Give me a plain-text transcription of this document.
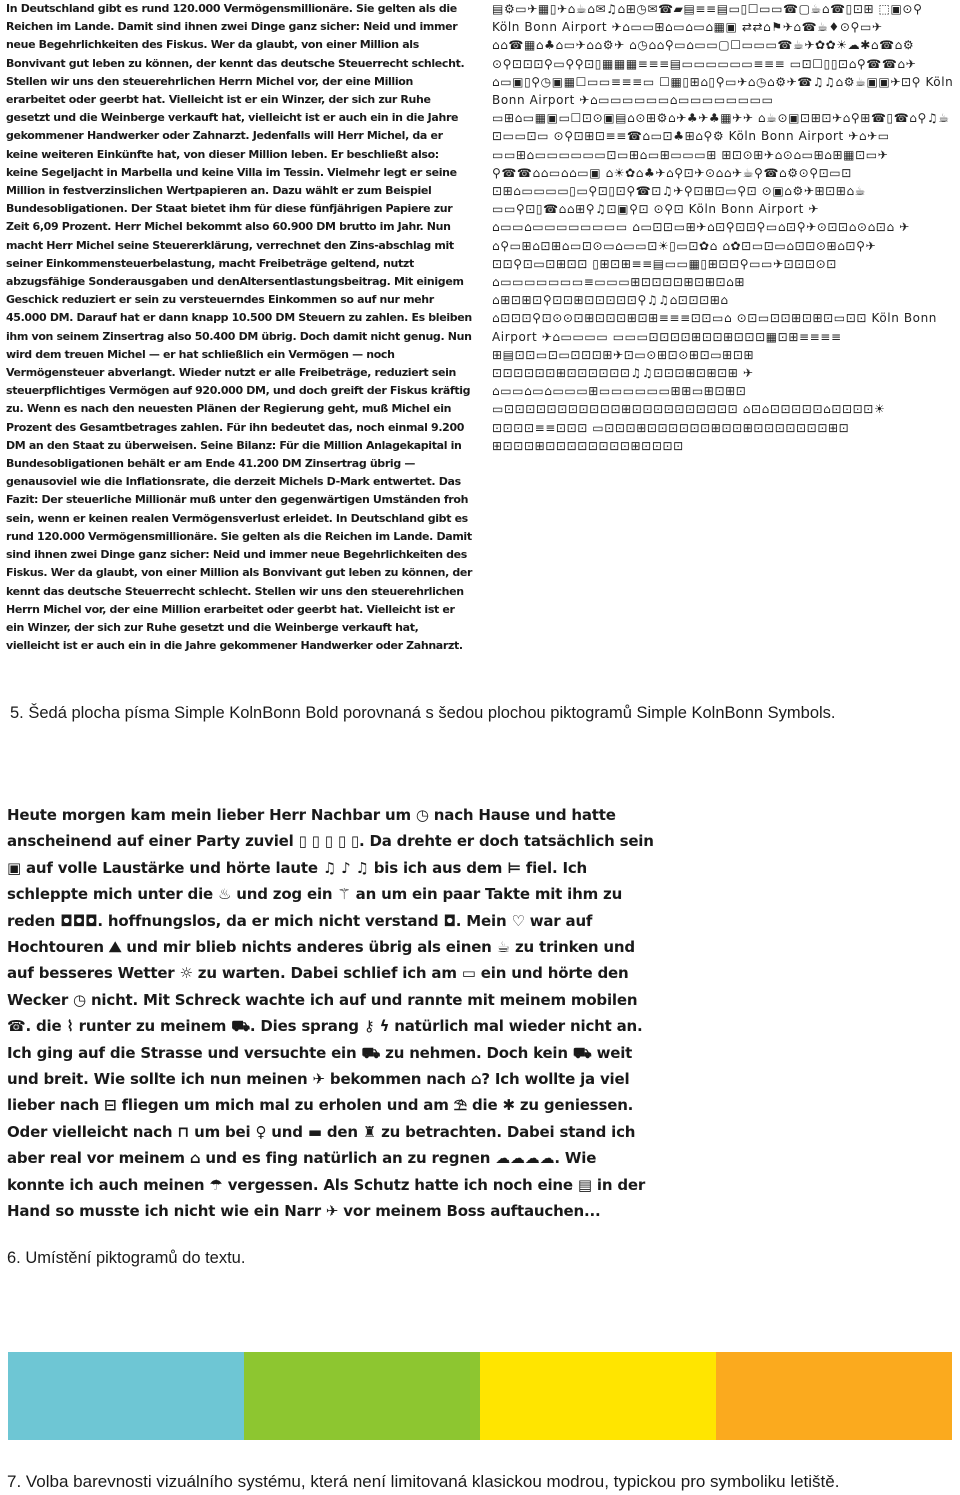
In Deutschland gibt es rund 120.000 Vermögensmillionäre. Sie gelten als die Reichen im Lande. Damit sind ihnen zwei Dinge ganz sicher: Neid und immer neue Begehrlichkeiten des Fiskus. Wer da glaubt, von einer Million als Bonvivant gut leben zu können, der kennt das deutsche Steuerrecht schlecht. Stellen wir uns den steuerehrlichen Herrn Michel vor, der eine Million erarbeitet oder geerbt hat. Vielleicht ist er ein Winzer, der sich zur Ruhe gesetzt und die Weinberge verkauft hat, vielleicht ist er auch ein in die Jahre gekommener Handwerker oder Zahnarzt. Jedenfalls will Herr Michel, da er keine weiteren Einkünfte hat, von dieser Million leben. Er beschließt also: keine Segeljacht in Marbella und keine Villa im Tessin. Vielmehr legt er seine Million in festverzinslichen Wertpapieren an. Dazu wählt er zum Beispiel Bundesobligationen. Der Staat bietet ihm für diese fünfjährigen Papiere zur Zeit 6,09 Prozent. Herr Michel bekommt also 60.900 DM brutto im Jahr. Nun macht Herr Michel seine Steuererklärung, verrechnet den Zins-abschlag mit seiner Einkommensteuerbelastung, macht Freibeträge geltend, nutzt abzugsfähige Sonderausgaben und denAltersentlastungsbeitrag. Mit einigem Geschick reduziert er sein zu versteuerndes Einkommen so auf nur mehr 45.000 DM. Darauf hat er dann knapp 10.500 DM Steuern zu zahlen. Es bleiben ihm von seinem Zinsertrag also 50.400 DM übrig. Doch damit nicht genug. Nun wird dem treuen Michel — er hat schließlich ein Vermögen — noch Vermögensteuer abverlangt. Wieder nutzt er alle Freibeträge, reduziert sein steuerpflichtiges Vermögen auf 920.000 DM, und doch greift der Fiskus kräftig zu. Wenn es nach den neuesten Plänen der Regierung geht, muß Michel ein Prozent des Gesamtbetrages zahlen. Für ihn bedeutet das, noch einmal 9.200 DM an den Staat zu überweisen. Seine Bilanz: Für die Million Anlagekapital in Bundesobligationen behält er am Ende 41.200 DM Zinsertrag übrig — genausoviel wie die Inflationsrate, die derzeit Michels D-Mark entwertet. Das Fazit: Der steuerliche Millionär muß unter den gegenwärtigen Umständen froh sein, wenn er keinen realen Vermögensverlust erleidet. In Deutschland gibt es rund 120.000 Vermögensmillionäre. Sie gelten als die Reichen im Lande. Damit sind ihnen zwei Dinge ganz sicher: Neid und immer neue Begehrlichkeiten des Fiskus. Wer da glaubt, von einer Million als Bonvivant gut leben zu können, der kennt das deutsche Steuerrecht schlecht. Stellen wir uns den steuerehrlichen Herrn Michel vor, der eine Million erarbeitet oder geerbt hat. Vielleicht ist er ein Winzer, der sich zur Ruhe gesetzt und die Weinberge verkauft hat, vielleicht ist er auch ein in die Jahre gekommener Handwerker oder Zahnarzt.
▤⚙▭✈▦▯✈⌂☕⌂✉♫⌂⊞◷✉☎▰▤≡≡▤▭▯☐▭▭☎▢☕⌂☎▯⊡⊞ ⬚▣⊙⚲ Köln Bonn Airport ✈⌂▭▭⊞⌂▭⌂▭⌂▦▣ ⇄⇄⌂⚑✈⌂☎☕♦⊙⚲▭✈⌂⌂☎▦⌂♣⌂▭✈⌂⌂⚙✈ ⌂◷⌂⌂⚲▭⌂▭▭▢☐▭▭▭☎☕✈✿✿☀☁✱⌂☎⌂⚙ ⊙⚲⊡⊡⊡⚲▭⚲⚲⊡▯▦▦▦≡≡≡▤▭▭▭▭▭▭≡≡≡ ▭⊡☐▯▯⊡⌂⚲☎☎⌂✈⌂▭▣▯⚲◷▣▦☐▭▭≡≡≡▭ ☐▦▯⊞⌂▯⚲▭✈⌂◷⌂⚙✈☎♫♫⌂⚙☕▣▣✈⊡⚲ Köln Bonn Airport ✈⌂▭▭▭▭▭▭⌂▭▭▭▭▭▭▭▭ ▭⊞⌂▭▦▣▭☐⊡⊙▣▤⌂⊙⊞⚙⌂✈♣✈♣▦✈✈ ⌂☕⊙▣⊡⊞⊡✈⌂⚲⊞☎▯☎⌂⚲♫☕⊡▭▭⊡▭ ⊙⚲⊡⊞⊡≡≡☎⌂▭⊡♣⊞⌂⚲⚙ Köln Bonn Airport ✈⌂✈▭ ▭▭⊞⌂▭▭▭▭▭▭⊡▭⊞⌂▭⊞▭▭▭⊞ ⊞⊡⊙⊞✈⌂⊙⌂▭⊞⌂⊞▦⊡▭✈⚲☎☎⌂⌂▭⌂⌂▭▣ ⌂☀✿⌂♣✈⌂⚲⊡✈⊙⌂⌂✈☕⚲☎⌂⚙⊙⚲⊡▭⊡ ⊡⊞⌂▭▭▭▭▯▭⚲⊡▯⊡⚲☎⊡♫✈⚲⊡⊞⊡▭⚲⊡ ⊙▣⌂⚙✈⊞⊡⊞⌂☕▭▭⚲⊡▯☎⌂⌂⊞⚲♫⊡▣⚲⊡ ⊙⚲⊡ Köln Bonn Airport ✈⌂▭▭⌂▭▭▭▭▭▭▭▭ ⌂▭⊡⊡▭⊞✈⌂⊡⚲⊡⊡⚲▭⌂⊡⚲✈⊙⊡⊡⌂⊙⌂⊡⌂ ✈⌂⚲▭⊞⌂⊡⊞⌂▭⊡⊙▭⌂▭▭⊡☀▯▭⊡✿⌂ ⌂✿⊡▭⊡▭⌂⊡⊡⊙⊞⌂⊡⚲✈⊡⊡⚲⊡▭⊡⊞⊡⊡ ▯⊞⊡⊞≡≡▤▭▭▦▯⊞⊡⊡⚲▭▭✈⊡⊡⊡⊙⊡ ⌂▭▭▭▭▭▭▭≡▭▭▭⊞⊡⊡⊡⊡⊞⊡⊞⊡⌂⊞ ⌂⊞⊡⊞⊡⚲⊡⊡⊞⊡⊡⊡⊡⊡⚲♫♫⌂⊡⊡⊡⊞⌂ ⌂⊡⊡⊡⚲⊡⊙⊙⊡⊞⊡⊡⊡⊞⊡⊞≡≡≡⊡⊡▭⌂ ⊙⊡▭⊡⊡⊞⊡⊞⊡▭⊡⊡ Köln Bonn Airport ✈⌂▭▭▭▭ ▭▭▭⊡⊡⊡⊡⊞⊡⊡⊞⊡⊡⊡▦⊡⊞≡≡≡≡ ⊞▤⊡⊡▭⊡▭⊡⊡⊡⊞✈⊡▭⊙⊞⊡⊙⊞⊡▭⊞⊡⊞ ⊡⊡⊡⊡⊡⊡⊞⊡⊡⊡⊡⊡⊡♫♫⊡⊡⊡⊞⊡⊞⊡⊞ ✈⌂▭▭⌂▭⌂▭▭▭⊞▭▭▭▭▭▭⊞⊞▭⊞⊡⊞⊡ ▭⊡⊡⊡⊡⊡⊡⊡⊡⊡⊡⊡⊞⊡⊡⊡⊡⊡⊡⊡⊡⊡⊡ ⌂⊡⌂⊡⊡⊡⊡⊡⌂⊡⊡⊡⊡☀⊡⊡⊡⊡≡≡⊡⊡⊡ ▭⊡⊡⊡⊞⊡⊡⊡⊡⊡⊡⊞⊡⊡⊞⊡⊡⊡⊡⊡⊡⊡⊞⊡ ⊞⊡⊡⊡⊞⊡⊡⊡⊡⊡⊡⊡⊡⊞⊡⊡⊡⊡
5. Šedá plocha písma Simple KolnBonn Bold porovnaná s šedou plochou piktogramů Simple KolnBonn Symbols.
Heute morgen kam mein lieber Herr Nachbar um ◷ nach Hause und hatte anscheinend auf einer Party zuviel ▯ ▯ ▯ ▯ ▯. Da drehte er doch tatsächlich sein ▣ auf volle Laustärke und hörte laute ♫ ♪ ♫ bis ich aus dem ⊨ fiel. Ich schleppte mich unter die ♨ und zog ein ⚚ an um ein paar Takte mit ihm zu reden ◘◘◘. hoffnungslos, da er mich nicht verstand ◘. Mein ♡ war auf Hochtouren ⛰ und mir blieb nichts anderes übrig als einen ☕ zu trinken und auf besseres Wetter ☼ zu warten. Dabei schlief ich am ▭ ein und hörte den Wecker ◷ nicht. Mit Schreck wachte ich auf und rannte mit meinem mobilen ☎. die ⌇ runter zu meinem ⛟. Dies sprang ⚷ ϟ natürlich mal wieder nicht an. Ich ging auf die Strasse und versuchte ein ⛟ zu nehmen. Doch kein ⛟ weit und breit. Wie sollte ich nun meinen ✈ bekommen nach ⌂? Ich wollte ja viel lieber nach ⊟ fliegen um mich mal zu erholen und am ⛱ die ✱ zu geniessen. Oder vielleicht nach ⊓ um bei ♀ und ▬ den ♜ zu betrachten. Dabei stand ich aber real vor meinem ⌂ und es fing natürlich an zu regnen ☁☁☁☁. Wie konnte ich auch meinen ☂ vergessen. Als Schutz hatte ich noch eine ▤ in der Hand so musste ich nicht wie ein Narr ✈ vor meinem Boss auftauchen...
6. Umístění piktogramů do textu.
7. Volba barevnosti vizuálního systému, která není limitovaná klasickou modrou, typickou pro symboliku letiště.
